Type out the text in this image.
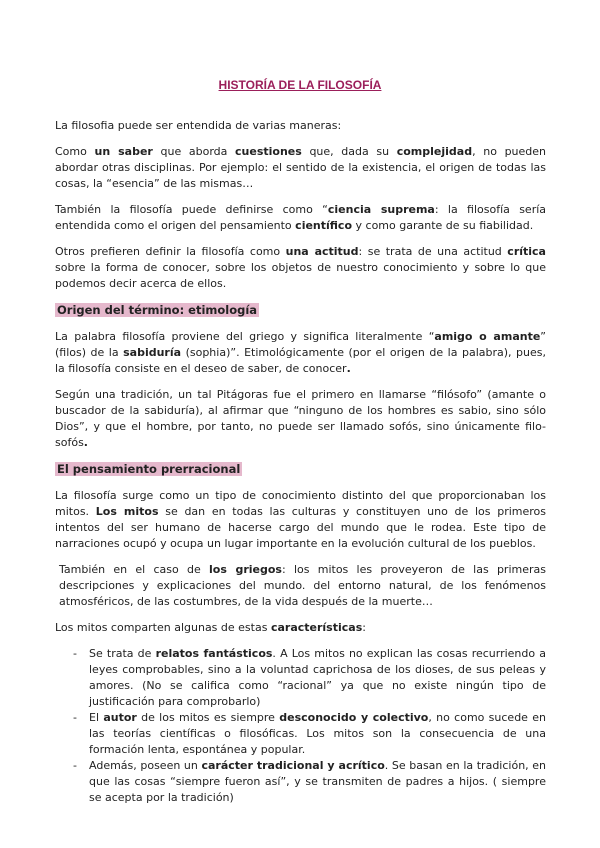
HISTORÍA DE LA FILOSOFÍA

La filosofia puede ser entendida de varias maneras:

Como un saber que aborda cuestiones que, dada su complejidad, no pueden abordar otras disciplinas. Por ejemplo: el sentido de la existencia, el origen de todas las cosas, la “esencia” de las mismas…

También la filosofía puede definirse como “ciencia suprema: la filosofía sería entendida como el origen del pensamiento científico y como garante de su fiabilidad.

Otros prefieren definir la filosofía como una actitud: se trata de una actitud crítica sobre la forma de conocer, sobre los objetos de nuestro conocimiento y sobre lo que podemos decir acerca de ellos.

Origen del término: etimología

La palabra filosofía proviene del griego y significa literalmente “amigo o amante” (filos) de la sabiduría (sophia)”. Etimológicamente (por el origen de la palabra), pues, la filosofía consiste en el deseo de saber, de conocer.

Según una tradición, un tal Pitágoras fue el primero en llamarse “filósofo” (amante o buscador de la sabiduría), al afirmar que “ninguno de los hombres es sabio, sino sólo Dios”, y que el hombre, por tanto, no puede ser llamado sofós, sino únicamente filo-sofós.

El pensamiento prerracional

La filosofía surge como un tipo de conocimiento distinto del que proporcionaban los mitos. Los mitos se dan en todas las culturas y constituyen uno de los primeros intentos del ser humano de hacerse cargo del mundo que le rodea. Este tipo de narraciones ocupó y ocupa un lugar importante en la evolución cultural de los pueblos.

También en el caso de los griegos: los mitos les proveyeron de las primeras descripciones y explicaciones del mundo. del entorno natural, de los fenómenos atmosféricos, de las costumbres, de la vida después de la muerte…

Los mitos comparten algunas de estas características:

- Se trata de relatos fantásticos. A Los mitos no explican las cosas recurriendo a leyes comprobables, sino a la voluntad caprichosa de los dioses, de sus peleas y amores. (No se califica como “racional” ya que no existe ningún tipo de justificación para comprobarlo)
- El autor de los mitos es siempre desconocido y colectivo, no como sucede en las teorías científicas o filosóficas. Los mitos son la consecuencia de una formación lenta, espontánea y popular.
- Además, poseen un carácter tradicional y acrítico. Se basan en la tradición, en que las cosas “siempre fueron así”, y se transmiten de padres a hijos. ( siempre se acepta por la tradición)
